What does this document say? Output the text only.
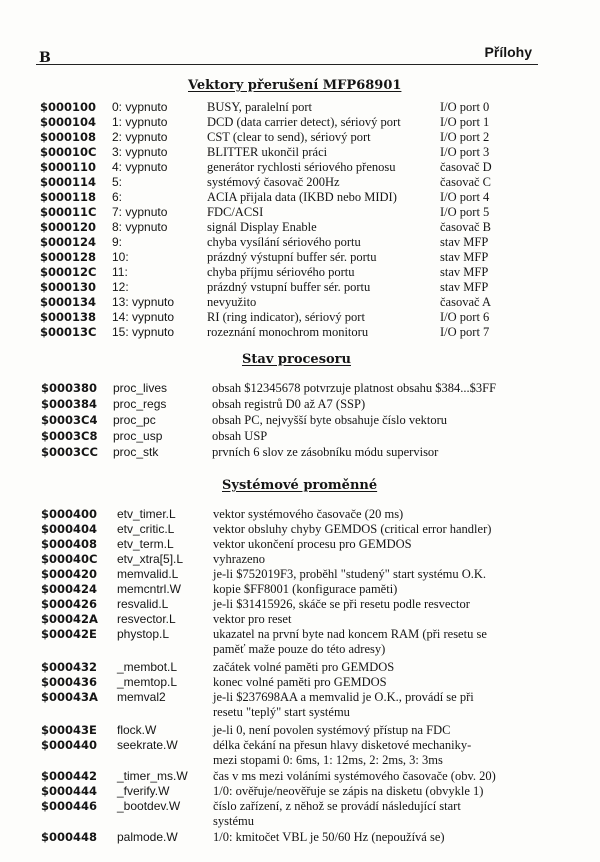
B	Přílohy
Vektory přerušení MFP68901
$000100 0: vypnuto	BUSY, paralelní port	I/O port 0
$000104 1: vypnuto	DCD (data carrier detect), sériový port	I/O port 1
$000108 2: vypnuto	CST (clear to send), sériový port	I/O port 2
$00010C 3: vypnuto	BLITTER ukončil práci	I/O port 3
$000110 4: vypnuto	generátor rychlosti sériového přenosu	časovač D
$000114 5:	systémový časovač 200Hz	časovač C
$000118 6:	ACIA přijala data (IKBD nebo MIDI)	I/O port 4
$00011C 7: vypnuto	FDC/ACSI	I/O port 5
$000120 8: vypnuto	signál Display Enable	časovač B
$000124 9:	chyba vysílání sériového portu	stav MFP
$000128 10:	prázdný výstupní buffer sér. portu	stav MFP
$00012C 11:	chyba příjmu sériového portu	stav MFP
$000130 12:	prázdný vstupní buffer sér. portu	stav MFP
$000134 13: vypnuto	nevyužito	časovač A
$000138 14: vypnuto	RI (ring indicator), sériový port	I/O port 6
$00013C 15: vypnuto	rozeznání monochrom monitoru	I/O port 7
Stav procesoru
$000380 proc_lives	obsah $12345678 potvrzuje platnost obsahu $384...$3FF
$000384 proc_regs	obsah registrů D0 až A7 (SSP)
$0003C4 proc_pc	obsah PC, nejvyšší byte obsahuje číslo vektoru
$0003C8 proc_usp	obsah USP
$0003CC proc_stk	prvních 6 slov ze zásobníku módu supervisor
Systémové proměnné
$000400 etv_timer.L	vektor systémového časovače (20 ms)
$000404 etv_critic.L	vektor obsluhy chyby GEMDOS (critical error handler)
$000408 etv_term.L	vektor ukončení procesu pro GEMDOS
$00040C etv_xtra[5].L vyhrazeno
$000420 memvalid.L	je-li $752019F3, proběhl "studený" start systému O.K.
$000424 memcntrl.W	kopie $FF8001 (konfigurace paměti)
$000426 resvalid.L	je-li $31415926, skáče se při resetu podle resvector
$00042A resvector.L	vektor pro reset
$00042E phystop.L	ukazatel na první byte nad koncem RAM (při resetu se
paměť maže pouze do této adresy)
$000432 _membot.L	začátek volné paměti pro GEMDOS
$000436 _memtop.L	konec volné paměti pro GEMDOS
$00043A memval2	je-li $237698AA a memvalid je O.K., provádí se při
resetu "teplý" start systému
$00043E flock.W	je-li 0, není povolen systémový přístup na FDC
$000440 seekrate.W	délka čekání na přesun hlavy disketové mechaniky-
mezi stopami 0: 6ms, 1: 12ms, 2: 2ms, 3: 3ms
$000442 _timer_ms.W čas v ms mezi voláními systémového časovače (obv. 20)
$000444 _fverify.W	1/0: ověřuje/neověřuje se zápis na disketu (obvykle 1)
$000446 _bootdev.W	číslo zařízení, z něhož se provádí následující start
systému
$000448 palmode.W	1/0: kmitočet VBL je 50/60 Hz (nepoužívá se)
